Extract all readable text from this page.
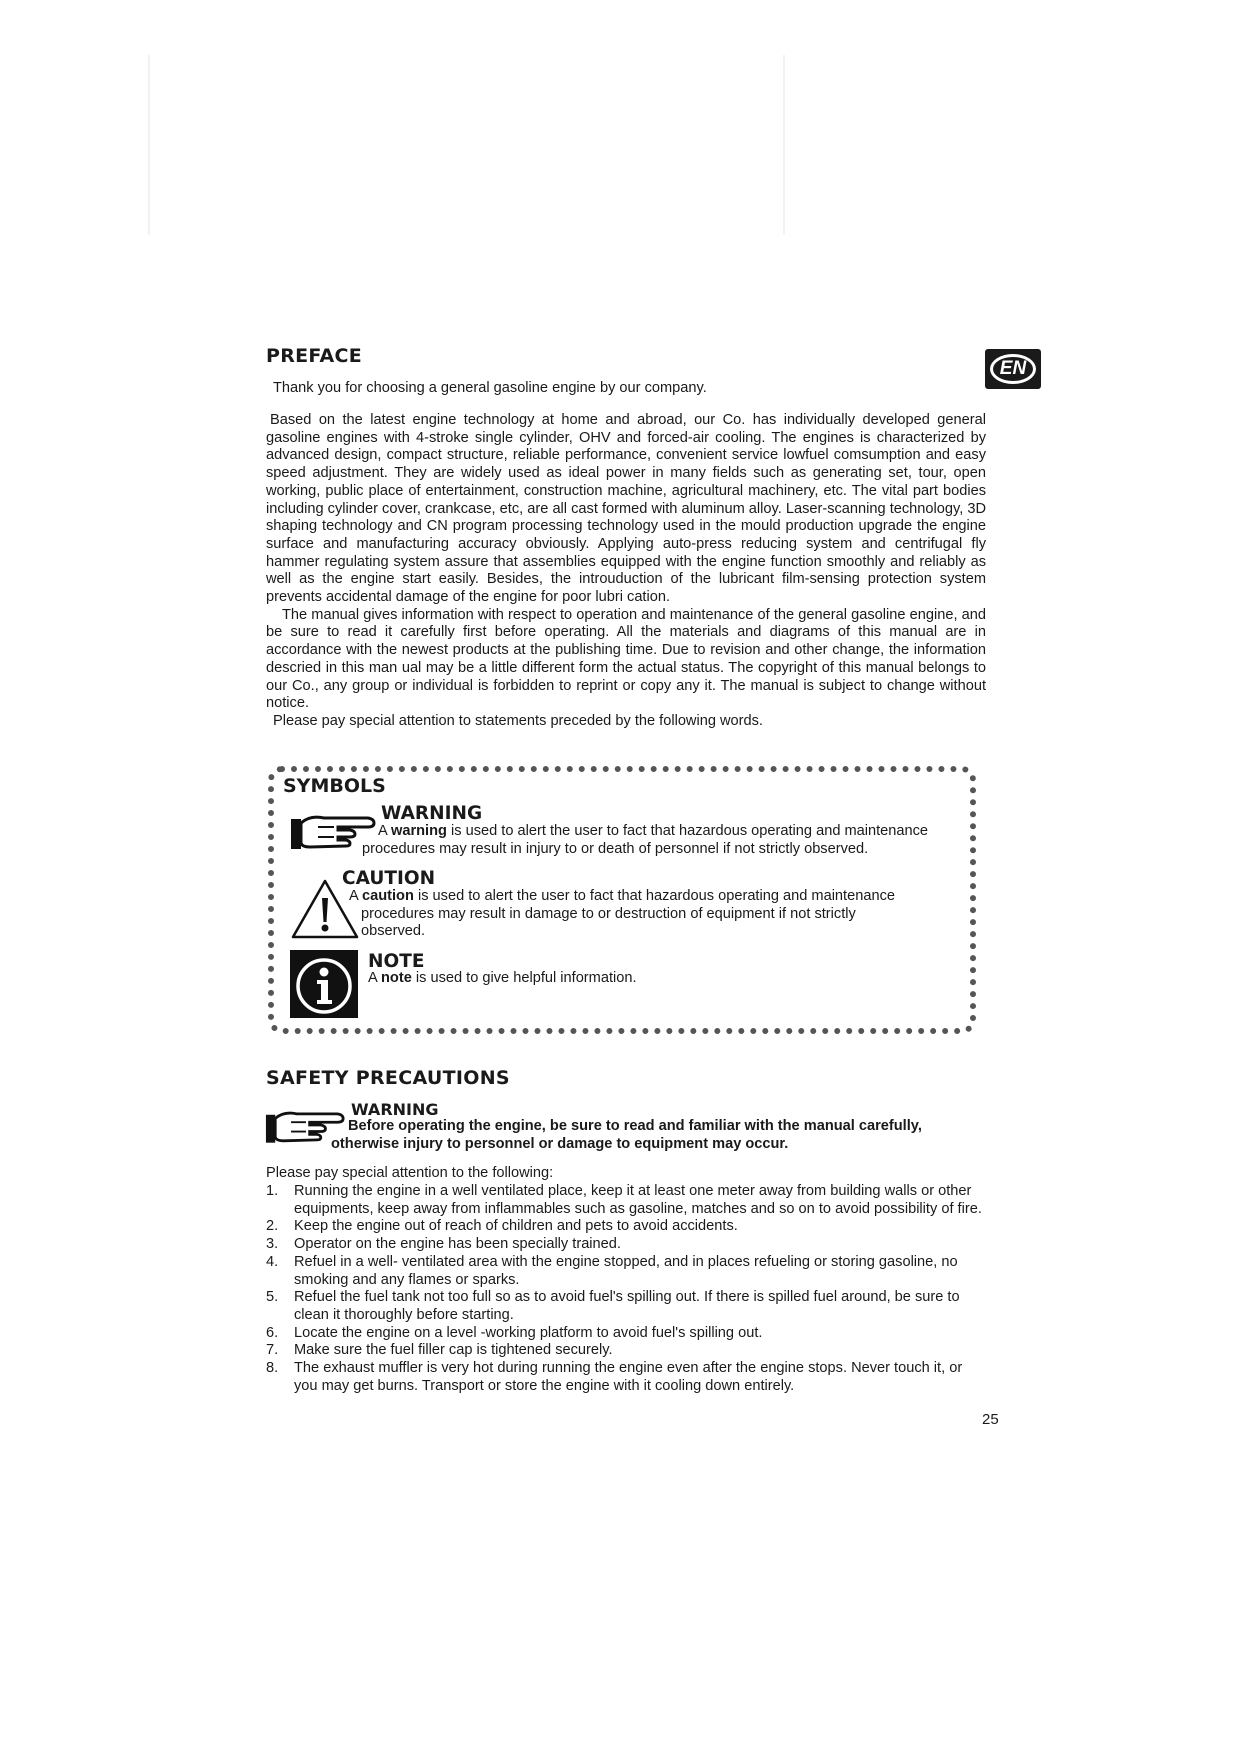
EN
PREFACE
Thank you for choosing a general gasoline engine by our company.

Based on the latest engine technology at home and abroad, our Co. has individually developed general gasoline engines with 4-stroke single cylinder, OHV and forced-air cooling. The engines is characterized by advanced design, compact structure, reliable performance, convenient service lowfuel comsumption and easy speed adjustment. They are widely used as ideal power in many fields such as generating set, tour, open working, public place of entertainment, construction machine, agricultural machinery, etc. The vital part bodies including cylinder cover, crankcase, etc, are all cast formed with aluminum alloy. Laser-scanning technology, 3D shaping technology and CN program processing technology used in the mould production upgrade the engine surface and manufacturing accuracy obviously. Applying auto-press reducing system and centrifugal fly hammer regulating system assure that assemblies equipped with the engine function smoothly and reliably as well as the engine start easily. Besides, the introuduction of the lubricant film-sensing protection system prevents accidental damage of the engine for poor lubri cation.

The manual gives information with respect to operation and maintenance of the general gasoline engine, and be sure to read it carefully first before operating. All the materials and diagrams of this manual are in accordance with the newest products at the publishing time. Due to revision and other change, the information descried in this man ual may be a little different form the actual status. The copyright of this manual belongs to our Co., any group or individual is forbidden to reprint or copy any it. The manual is subject to change without notice.

Please pay special attention to statements preceded by the following words.

SYMBOLS
WARNING
A warning is used to alert the user to fact that hazardous operating and maintenance
procedures may result in injury to or death of personnel if not strictly observed.
CAUTION
A caution is used to alert the user to fact that hazardous operating and maintenance
procedures may result in damage to or destruction of equipment if not strictly
observed.
NOTE
A note is used to give helpful information.
SAFETY PRECAUTIONS
WARNING
Before operating the engine, be sure to read and familiar with the manual carefully,
otherwise injury to personnel or damage to equipment may occur.
Please pay special attention to the following:
1. Running the engine in a well ventilated place, keep it at least one meter away from building walls or other equipments, keep away from inflammables such as gasoline, matches and so on to avoid possibility of fire.
2. Keep the engine out of reach of children and pets to avoid accidents.
3. Operator on the engine has been specially trained.
4. Refuel in a well- ventilated area with the engine stopped, and in places refueling or storing gasoline, no smoking and any flames or sparks.
5. Refuel the fuel tank not too full so as to avoid fuel's spilling out. If there is spilled fuel around, be sure to clean it thoroughly before starting.
6. Locate the engine on a level -working platform to avoid fuel's spilling out.
7. Make sure the fuel filler cap is tightened securely.
8. The exhaust muffler is very hot during running the engine even after the engine stops. Never touch it, or you may get burns. Transport or store the engine with it cooling down entirely.
25
